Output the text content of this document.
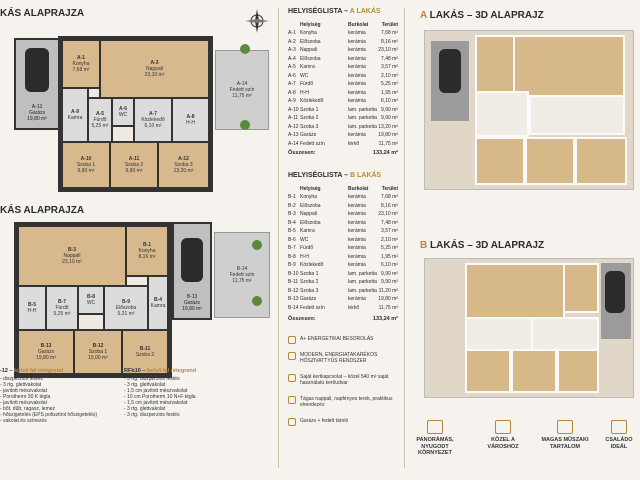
KÁS ALAPRAJZA
KÁS ALAPRAJZA
A LAKÁS – 3D ALAPRAJZ
B LAKÁS – 3D ALAPRAJZ
A-13
Garázs
19,80 m²
A-1
Konyha
7,68 m²
A-3
Nappali
23,10 m²
A-9
Kamra
A-5
Fürdő
5,25 m²
A-6
WC	A-7
Közlekedő
6,10 m²
A-8
H-H
A-10
Szoba 1
9,90 m²
A-11
Szoba 2
9,90 m²
A-12
Szoba 3
13,20 m²
A-14
Fedett szín
11,75 m²
B-3
Nappali
23,10 m²
B-1
Konyha
8,16 m²
B-5
H-H
B-7
Fürdő
5,25 m²
B-8
WC	B-9
Előszoba
5,31 m²
B-4
Kamra
B-13
Garázs
19,80 m²
B-12
Szoba 1
15,00 m²
B-11
Szoba 2
B-13
Garázs
19,80 m²
B-14
Fedett szín
11,75 m²
HELYISÉGLISTA – A LAKÁS
Helyiség	Burkolat	Terület
A-1 Konyha	kerámia	7,68 m²
A-2 Előszoba	kerámia	8,16 m²
A-3 Nappali	kerámia	23,10 m²
A-4 Előszoba	kerámia	7,48 m²
A-5 Kamra	kerámia	3,57 m²
A-6 WC	kerámia	2,10 m²
A-7 Fürdő	kerámia	5,25 m²
A-8 H-H	kerámia	1,95 m²
A-9 Közlekedő	kerámia	6,10 m²
A-10 Szoba 1	lam. parketta 9,90 m²
A-11 Szoba 2	lam. parketta 9,90 m²
A-12 Szoba 3	lam. parketta 13,20 m²
A-13 Garázs	kerámia	19,80 m²
A-14 Fedett szín	térkő	11,75 m²
Összesen:	133,24 m²
HELYISÉGLISTA – B LAKÁS
Helyiség	Burkolat	Terület
B-1 Konyha	kerámia	7,68 m²
B-2 Előszoba	kerámia	8,16 m²
B-3 Nappali	kerámia	23,10 m²
B-4 Előszoba	kerámia	7,48 m²
B-5 Kamra	kerámia	3,57 m²
B-6 WC	kerámia	2,10 m²
B-7 Fürdő	kerámia	5,25 m²
B-8 H-H	kerámia	1,95 m²
B-9 Közlekedő	kerámia	6,10 m²
B-10 Szoba 1	lam. parketta 9,90 m²
B-11 Szoba 2	lam. parketta 9,90 m²
B-12 Szoba 3	lam. parketta 11,20 m²
B-13 Garázs	kerámia	19,80 m²
B-14 Fedett szín	térkő	11,75 m²
Összesen:	133,24 m²
A+ ENERGETIKAI BESOROLÁS
MODERN, ENERGIATAKARÉKOS HŐSZIVATTYÚS RENDSZER
Saját kertkapcsolat – közel 540 m² saját használatú kert/udvar
Tágas nappali, napfényes terek, praktikus elrendezés
Garázs + fedett tároló
-12 – külső fal rétegrend
- diszperziós festés
- 3 rtg. glettvakolat
- javított mészvakolat
- Porotherm 30 K tégla
- javított mészvakolat
- bőt, dűb, ragasz, lemez
- hőszigetelés (EPS polisztirol hőszigetelés)
- vakolat és színezés
RFb10 – belső fal rétegrend
- 3 rtg. diszperziós festés
- 3 rtg. glettvakolat
- 1,5 cm javított mészvakolat
- 10 cm Porotherm 10 N+F tégla
- 1,5 cm javított mészvakolat
- 3 rtg. glettvakolat
- 3 rtg. diszperziós festés
PANORÁMÁS, NYUGODT KÖRNYEZET
KÖZEL A VÁROSHOZ
MAGAS MŰSZAKI TARTALOM
CSALÁDO IDEÁL
